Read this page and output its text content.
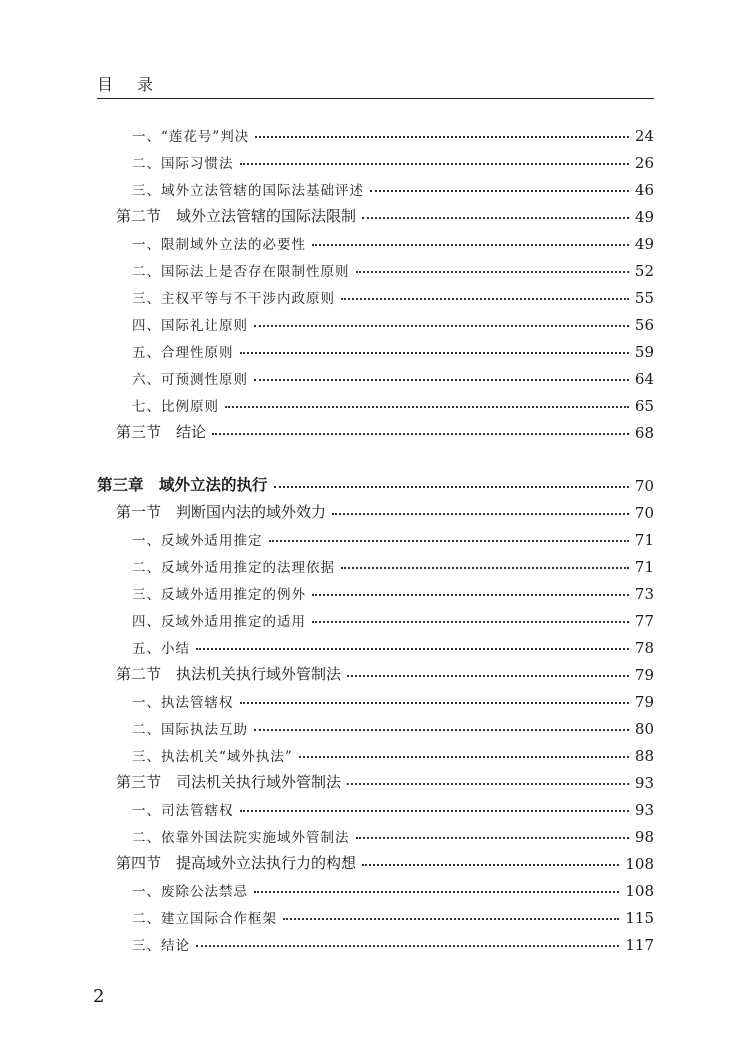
目 录
一、“莲花号”判决	24
二、国际习惯法	26
三、域外立法管辖的国际法基础评述	46
第二节　域外立法管辖的国际法限制	49
一、限制域外立法的必要性	49
二、国际法上是否存在限制性原则	52
三、主权平等与不干涉内政原则	55
四、国际礼让原则	56
五、合理性原则	59
六、可预测性原则	64
七、比例原则	65
第三节　结论	68
第三章　域外立法的执行	70
第一节　判断国内法的域外效力	70
一、反域外适用推定	71
二、反域外适用推定的法理依据	71
三、反域外适用推定的例外	73
四、反域外适用推定的适用	77
五、小结	78
第二节　执法机关执行域外管制法	79
一、执法管辖权	79
二、国际执法互助	80
三、执法机关“域外执法”	88
第三节　司法机关执行域外管制法	93
一、司法管辖权	93
二、依靠外国法院实施域外管制法	98
第四节　提高域外立法执行力的构想	108
一、废除公法禁忌	108
二、建立国际合作框架	115
三、结论	117
2
